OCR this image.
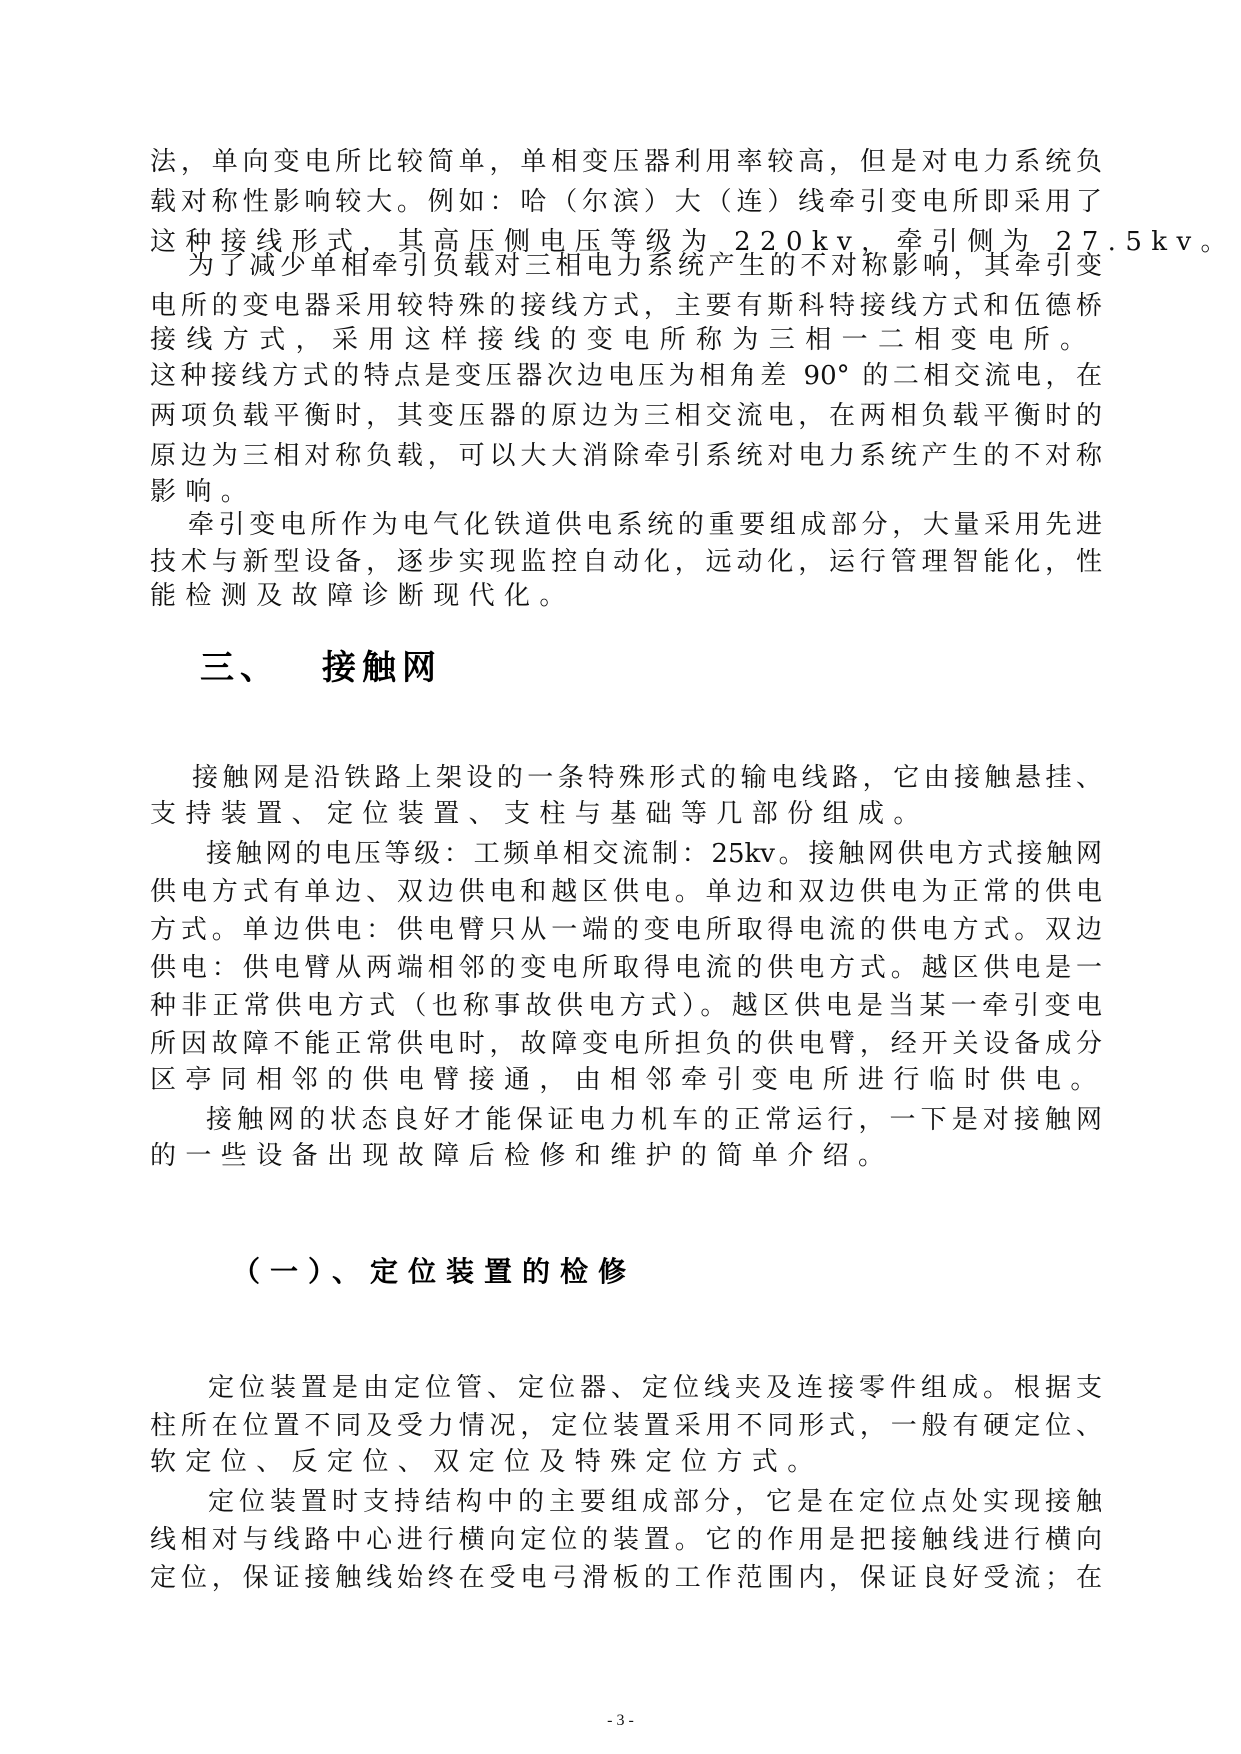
法，单向变电所比较简单，单相变压器利用率较高，但是对电力系统负
载对称性影响较大。例如：哈（尔滨）大（连）线牵引变电所即采用了
这种接线形式，其高压侧电压等级为 220kv，牵引侧为 27.5kv。
为了减少单相牵引负载对三相电力系统产生的不对称影响，其牵引变
电所的变电器采用较特殊的接线方式，主要有斯科特接线方式和伍德桥
接线方式，采用这样接线的变电所称为三相一二相变电所。
这种接线方式的特点是变压器次边电压为相角差 90° 的二相交流电，在
两项负载平衡时，其变压器的原边为三相交流电，在两相负载平衡时的
原边为三相对称负载，可以大大消除牵引系统对电力系统产生的不对称
影响。
牵引变电所作为电气化铁道供电系统的重要组成部分，大量采用先进
技术与新型设备，逐步实现监控自动化，远动化，运行管理智能化，性
能检测及故障诊断现代化。
三、 接触网
接触网是沿铁路上架设的一条特殊形式的输电线路，它由接触悬挂、
支持装置、定位装置、支柱与基础等几部份组成。
接触网的电压等级：工频单相交流制：25kv。接触网供电方式接触网
供电方式有单边、双边供电和越区供电。单边和双边供电为正常的供电
方式。单边供电：供电臂只从一端的变电所取得电流的供电方式。双边
供电：供电臂从两端相邻的变电所取得电流的供电方式。越区供电是一
种非正常供电方式（也称事故供电方式）。越区供电是当某一牵引变电
所因故障不能正常供电时，故障变电所担负的供电臂，经开关设备成分
区亭同相邻的供电臂接通，由相邻牵引变电所进行临时供电。
接触网的状态良好才能保证电力机车的正常运行，一下是对接触网
的一些设备出现故障后检修和维护的简单介绍。
（一）、定位装置的检修
定位装置是由定位管、定位器、定位线夹及连接零件组成。根据支
柱所在位置不同及受力情况，定位装置采用不同形式，一般有硬定位、
软定位、反定位、双定位及特殊定位方式。
定位装置时支持结构中的主要组成部分，它是在定位点处实现接触
线相对与线路中心进行横向定位的装置。它的作用是把接触线进行横向
定位，保证接触线始终在受电弓滑板的工作范围内，保证良好受流；在
- 3 -
